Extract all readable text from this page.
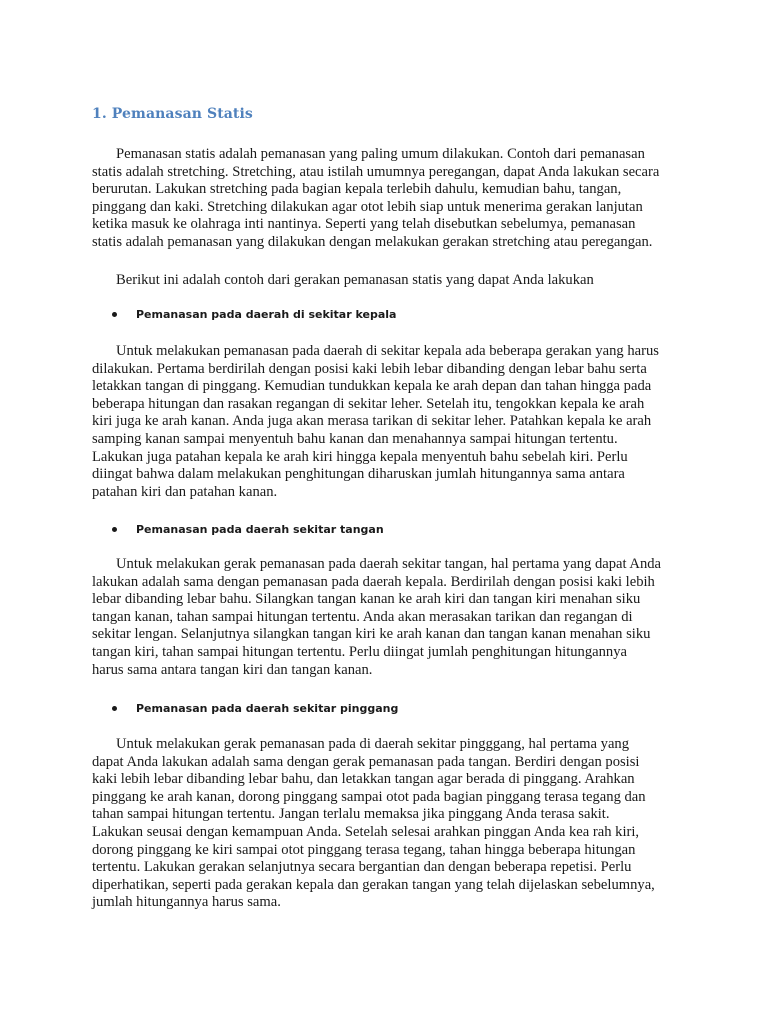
1. Pemanasan Statis

Pemanasan statis adalah pemanasan yang paling umum dilakukan. Contoh dari pemanasan
statis adalah stretching. Stretching, atau istilah umumnya peregangan, dapat Anda lakukan secara
berurutan. Lakukan stretching pada bagian kepala terlebih dahulu, kemudian bahu, tangan,
pinggang dan kaki. Stretching dilakukan agar otot lebih siap untuk menerima gerakan lanjutan
ketika masuk ke olahraga inti nantinya. Seperti yang telah disebutkan sebelumya, pemanasan
statis adalah pemanasan yang dilakukan dengan melakukan gerakan stretching atau peregangan.

Berikut ini adalah contoh dari gerakan pemanasan statis yang dapat Anda lakukan

Pemanasan pada daerah di sekitar kepala

Untuk melakukan pemanasan pada daerah di sekitar kepala ada beberapa gerakan yang harus
dilakukan. Pertama berdirilah dengan posisi kaki lebih lebar dibanding dengan lebar bahu serta
letakkan tangan di pinggang. Kemudian tundukkan kepala ke arah depan dan tahan hingga pada
beberapa hitungan dan rasakan regangan di sekitar leher. Setelah itu, tengokkan kepala ke arah
kiri juga ke arah kanan. Anda juga akan merasa tarikan di sekitar leher. Patahkan kepala ke arah
samping kanan sampai menyentuh bahu kanan dan menahannya sampai hitungan tertentu.
Lakukan juga patahan kepala ke arah kiri hingga kepala menyentuh bahu sebelah kiri. Perlu
diingat bahwa dalam melakukan penghitungan diharuskan jumlah hitungannya sama antara
patahan kiri dan patahan kanan.

Pemanasan pada daerah sekitar tangan

Untuk melakukan gerak pemanasan pada daerah sekitar tangan, hal pertama yang dapat Anda
lakukan adalah sama dengan pemanasan pada daerah kepala. Berdirilah dengan posisi kaki lebih
lebar dibanding lebar bahu. Silangkan tangan kanan ke arah kiri dan tangan kiri menahan siku
tangan kanan, tahan sampai hitungan tertentu. Anda akan merasakan tarikan dan regangan di
sekitar lengan. Selanjutnya silangkan tangan kiri ke arah kanan dan tangan kanan menahan siku
tangan kiri, tahan sampai hitungan tertentu. Perlu diingat jumlah penghitungan hitungannya
harus sama antara tangan kiri dan tangan kanan.

Pemanasan pada daerah sekitar pinggang

Untuk melakukan gerak pemanasan pada di daerah sekitar pingggang, hal pertama yang
dapat Anda lakukan adalah sama dengan gerak pemanasan pada tangan. Berdiri dengan posisi
kaki lebih lebar dibanding lebar bahu, dan letakkan tangan agar berada di pinggang. Arahkan
pinggang ke arah kanan, dorong pinggang sampai otot pada bagian pinggang terasa tegang dan
tahan sampai hitungan tertentu. Jangan terlalu memaksa jika pinggang Anda terasa sakit.
Lakukan seusai dengan kemampuan Anda. Setelah selesai arahkan pinggan Anda kea rah kiri,
dorong pinggang ke kiri sampai otot pinggang terasa tegang, tahan hingga beberapa hitungan
tertentu. Lakukan gerakan selanjutnya secara bergantian dan dengan beberapa repetisi. Perlu
diperhatikan, seperti pada gerakan kepala dan gerakan tangan yang telah dijelaskan sebelumnya,
jumlah hitungannya harus sama.
